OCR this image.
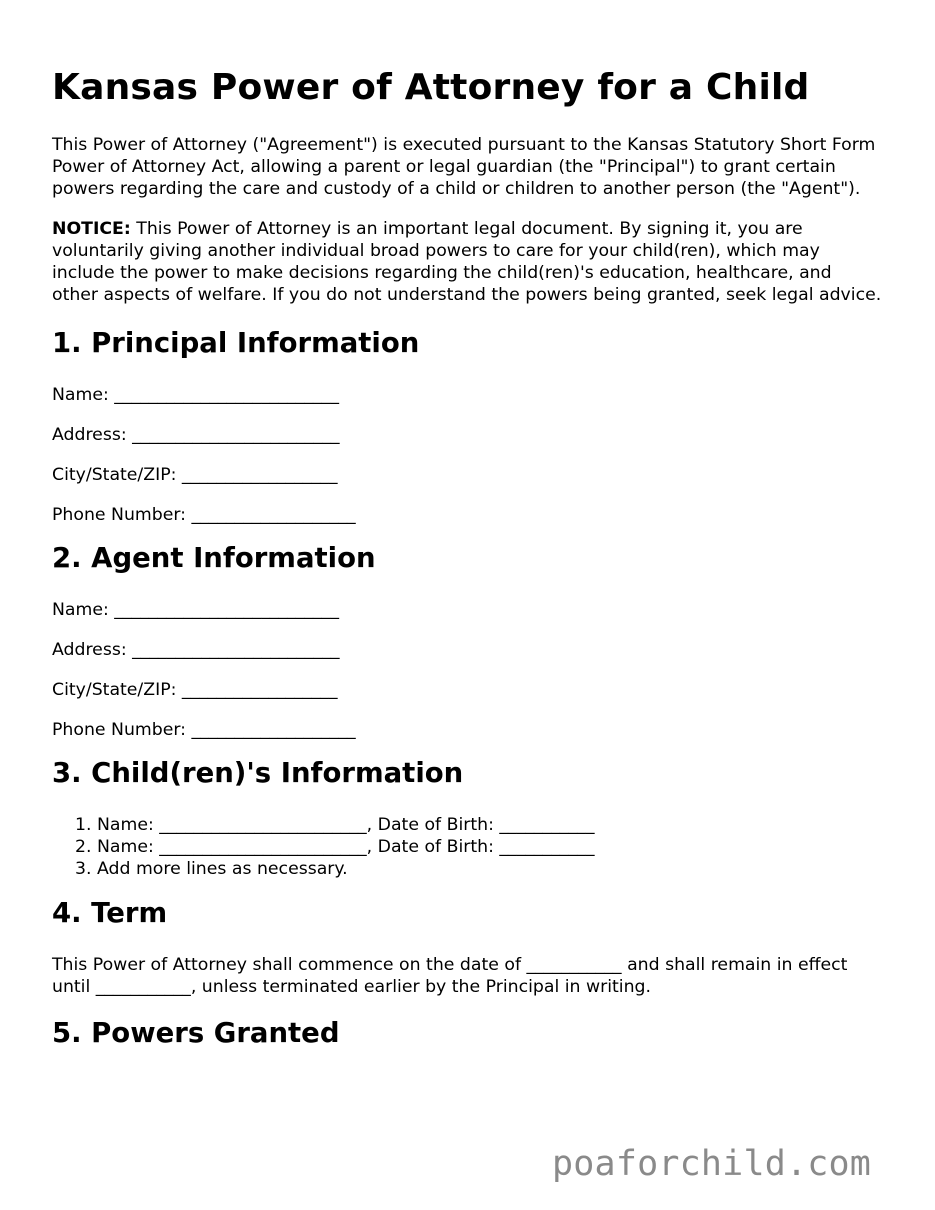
Kansas Power of Attorney for a Child

This Power of Attorney ("Agreement") is executed pursuant to the Kansas Statutory Short Form Power of Attorney Act, allowing a parent or legal guardian (the "Principal") to grant certain powers regarding the care and custody of a child or children to another person (the "Agent").

NOTICE: This Power of Attorney is an important legal document. By signing it, you are voluntarily giving another individual broad powers to care for your child(ren), which may include the power to make decisions regarding the child(ren)'s education, healthcare, and other aspects of welfare. If you do not understand the powers being granted, seek legal advice.

1. Principal Information

Name: __________________________

Address: ________________________

City/State/ZIP: __________________

Phone Number: ___________________

2. Agent Information

Name: __________________________

Address: ________________________

City/State/ZIP: __________________

Phone Number: ___________________

3. Child(ren)'s Information
1. Name: ________________________, Date of Birth: ___________
2. Name: ________________________, Date of Birth: ___________
3. Add more lines as necessary.
4. Term

This Power of Attorney shall commence on the date of ___________ and shall remain in effect until ___________, unless terminated earlier by the Principal in writing.

5. Powers Granted
poaforchild.com
